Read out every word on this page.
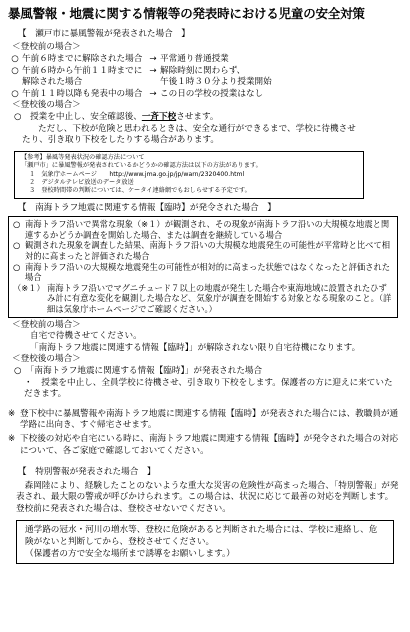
暴風警報・地震に関する情報等の発表時における児童の安全対策
【　瀬戸市に暴風警報が発表された場合　】
＜登校前の場合＞
○ 午前６時までに解除された場合 → 平常通り普通授業
○ 午前６時から午前１１時までに → 解除時刻に関わらず、
解除された場合	午後１時３０分より授業開始
○ 午前１１時以降も発表中の場合 → この日の学校の授業はなし
＜登校後の場合＞
○　授業を中止し、安全確認後、一斉下校させます。
ただし、下校が危険と思われるときは、安全な通行ができるまで、学校に待機させ
たり、引き取り下校をしたりする場合があります。
【参考】暴風等発表状況の確認方法について
「瀬戸市」に暴風警報が発表されているかどうかの確認方法は以下の方法があります。
１　気象庁ホームページ　　http://www.jma.go.jp/jp/warn/2320400.html
２　デジタルテレビ放送のデータ放送
３　登校時間帯の判断については、ケータイ連絡網でもおしらせする予定です。
【　南海トラフ地震に関連する情報【臨時】が発令された場合　】
○ 南海トラフ沿いで異常な現象（※１）が観測され、その現象が南海トラフ沿いの大規模な地震と関連するかどうか調査を開始した場合、または調査を継続している場合
○ 観測された現象を調査した結果、南海トラフ沿いの大規模な地震発生の可能性が平常時と比べて相対的に高まったと評価された場合
○ 南海トラフ沿いの大規模な地震発生の可能性が相対的に高まった状態ではなくなったと評価された場合
（※１） 南海トラフ沿いでマグニチュード７以上の地震が発生した場合や東海地域に設置されたひずみ計に有意な変化を観測した場合など、気象庁が調査を開始する対象となる現象のこと。（詳細は気象庁ホームページでご確認ください。）
＜登校前の場合＞
自宅で待機させてください。
「南海トラフ地震に関連する情報【臨時】」が解除されない限り自宅待機になります。
＜登校後の場合＞
○　「南海トラフ地震に関連する情報【臨時】」が発表された場合
・　授業を中止し、全員学校に待機させ、引き取り下校をします。保護者の方に迎えに来ていただきます。
※ 登下校中に暴風警報や南海トラフ地震に関連する情報【臨時】が発表された場合には、教職員が通学路に出向き、すぐ帰宅させます。
※ 下校後の対応や自宅にいる時に、南海トラフ地震に関連する情報【臨時】が発令された場合の対応について、各ご家庭で確認しておいてください。
【　特別警報が発表された場合　】
　森岡陸により、経験したことのないような重大な災害の危険性が高まった場合、「特別警報」が発表され、最大限の警戒が呼びかけられます。この場合は、状況に応じて最善の対応を判断します。登校前に発表された場合は、登校させないでください。
通学路の冠水・河川の増水等、登校に危険があると判断された場合には、学校に連絡し、危険がないと判断してから、登校させてください。
（保護者の方で安全な場所まで誘導をお願いします。）
